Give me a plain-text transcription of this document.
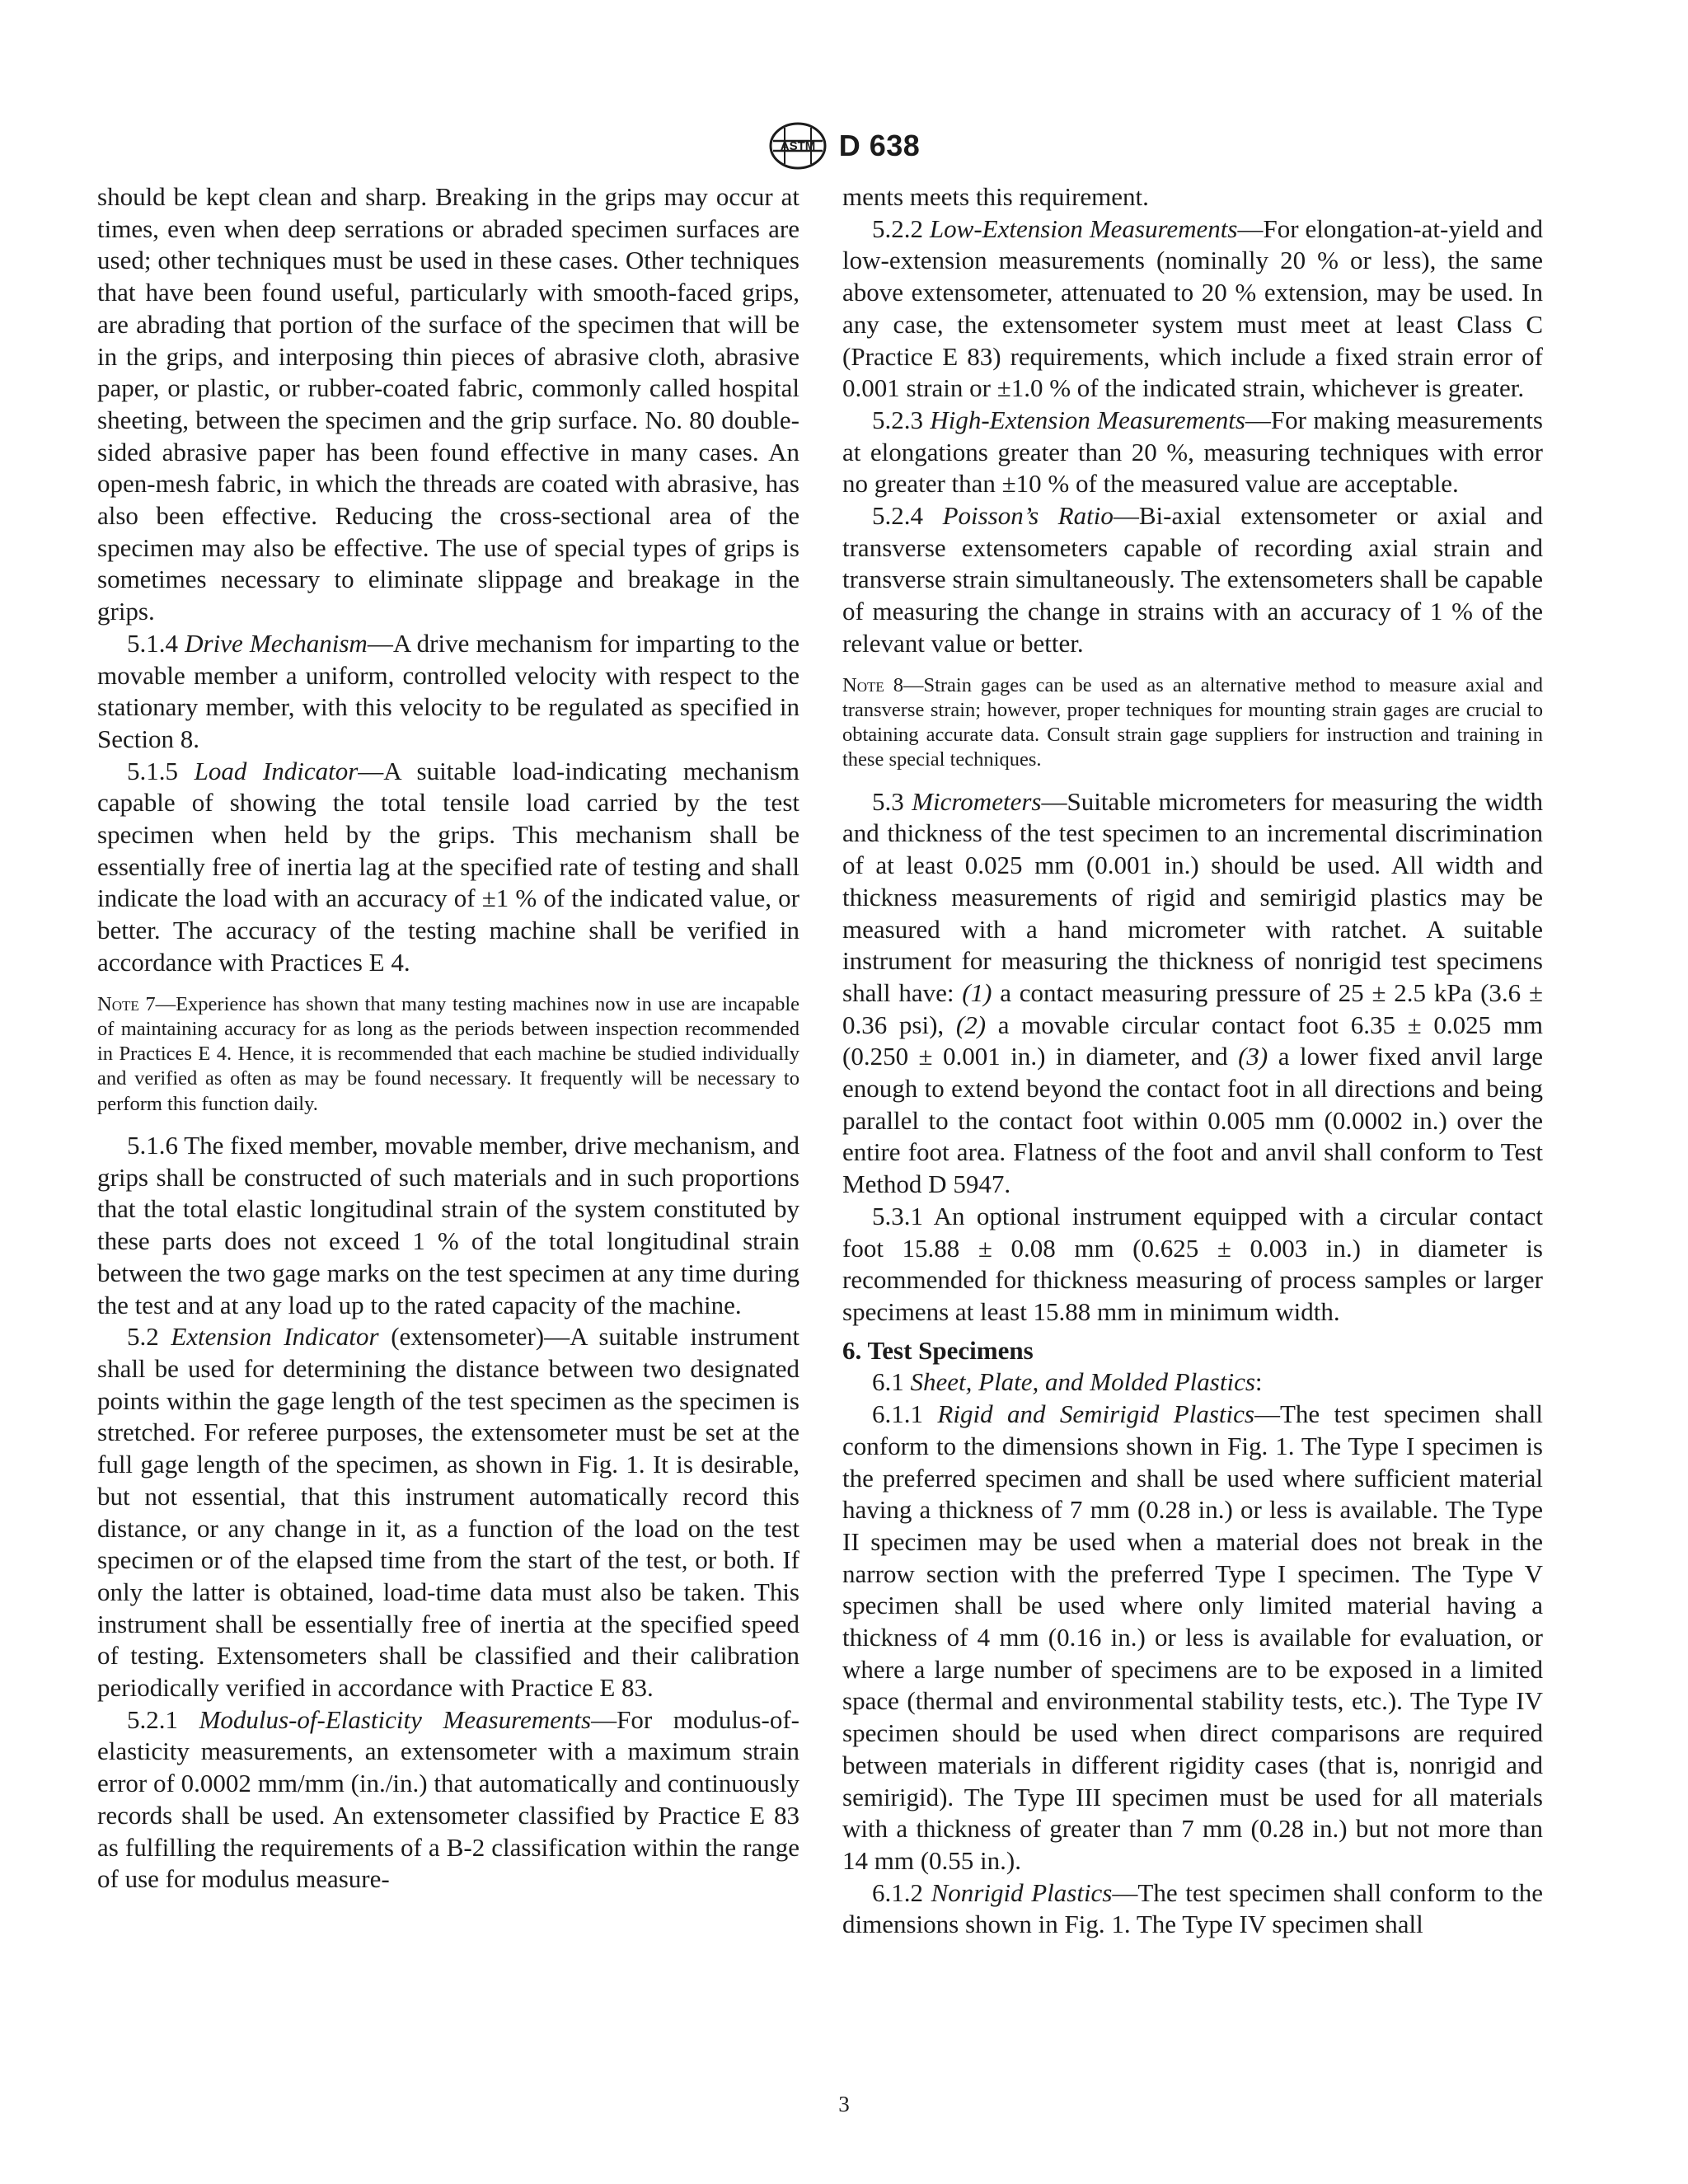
ASTM D 638

should be kept clean and sharp. Breaking in the grips may occur at times, even when deep serrations or abraded specimen surfaces are used; other techniques must be used in these cases. Other techniques that have been found useful, particularly with smooth-faced grips, are abrading that portion of the surface of the specimen that will be in the grips, and interposing thin pieces of abrasive cloth, abrasive paper, or plastic, or rubber-coated fabric, commonly called hospital sheeting, between the specimen and the grip surface. No. 80 double-sided abrasive paper has been found effective in many cases. An open-mesh fabric, in which the threads are coated with abrasive, has also been effective. Reducing the cross-sectional area of the specimen may also be effective. The use of special types of grips is sometimes necessary to eliminate slippage and breakage in the grips.

5.1.4 Drive Mechanism—A drive mechanism for imparting to the movable member a uniform, controlled velocity with respect to the stationary member, with this velocity to be regulated as specified in Section 8.

5.1.5 Load Indicator—A suitable load-indicating mechanism capable of showing the total tensile load carried by the test specimen when held by the grips. This mechanism shall be essentially free of inertia lag at the specified rate of testing and shall indicate the load with an accuracy of ±1 % of the indicated value, or better. The accuracy of the testing machine shall be verified in accordance with Practices E 4.

Note 7—Experience has shown that many testing machines now in use are incapable of maintaining accuracy for as long as the periods between inspection recommended in Practices E 4. Hence, it is recommended that each machine be studied individually and verified as often as may be found necessary. It frequently will be necessary to perform this function daily.

5.1.6 The fixed member, movable member, drive mechanism, and grips shall be constructed of such materials and in such proportions that the total elastic longitudinal strain of the system constituted by these parts does not exceed 1 % of the total longitudinal strain between the two gage marks on the test specimen at any time during the test and at any load up to the rated capacity of the machine.

5.2 Extension Indicator (extensometer)—A suitable instrument shall be used for determining the distance between two designated points within the gage length of the test specimen as the specimen is stretched. For referee purposes, the extensometer must be set at the full gage length of the specimen, as shown in Fig. 1. It is desirable, but not essential, that this instrument automatically record this distance, or any change in it, as a function of the load on the test specimen or of the elapsed time from the start of the test, or both. If only the latter is obtained, load-time data must also be taken. This instrument shall be essentially free of inertia at the specified speed of testing. Extensometers shall be classified and their calibration periodically verified in accordance with Practice E 83.

5.2.1 Modulus-of-Elasticity Measurements—For modulus-of-elasticity measurements, an extensometer with a maximum strain error of 0.0002 mm/mm (in./in.) that automatically and continuously records shall be used. An extensometer classified by Practice E 83 as fulfilling the requirements of a B-2 classification within the range of use for modulus measure-

ments meets this requirement.

5.2.2 Low-Extension Measurements—For elongation-at-yield and low-extension measurements (nominally 20 % or less), the same above extensometer, attenuated to 20 % extension, may be used. In any case, the extensometer system must meet at least Class C (Practice E 83) requirements, which include a fixed strain error of 0.001 strain or ±1.0 % of the indicated strain, whichever is greater.

5.2.3 High-Extension Measurements—For making measurements at elongations greater than 20 %, measuring techniques with error no greater than ±10 % of the measured value are acceptable.

5.2.4 Poisson’s Ratio—Bi-axial extensometer or axial and transverse extensometers capable of recording axial strain and transverse strain simultaneously. The extensometers shall be capable of measuring the change in strains with an accuracy of 1 % of the relevant value or better.

Note 8—Strain gages can be used as an alternative method to measure axial and transverse strain; however, proper techniques for mounting strain gages are crucial to obtaining accurate data. Consult strain gage suppliers for instruction and training in these special techniques.

5.3 Micrometers—Suitable micrometers for measuring the width and thickness of the test specimen to an incremental discrimination of at least 0.025 mm (0.001 in.) should be used. All width and thickness measurements of rigid and semirigid plastics may be measured with a hand micrometer with ratchet. A suitable instrument for measuring the thickness of nonrigid test specimens shall have: (1) a contact measuring pressure of 25 ± 2.5 kPa (3.6 ± 0.36 psi), (2) a movable circular contact foot 6.35 ± 0.025 mm (0.250 ± 0.001 in.) in diameter, and (3) a lower fixed anvil large enough to extend beyond the contact foot in all directions and being parallel to the contact foot within 0.005 mm (0.0002 in.) over the entire foot area. Flatness of the foot and anvil shall conform to Test Method D 5947.

5.3.1 An optional instrument equipped with a circular contact foot 15.88 ± 0.08 mm (0.625 ± 0.003 in.) in diameter is recommended for thickness measuring of process samples or larger specimens at least 15.88 mm in minimum width.

6. Test Specimens

6.1 Sheet, Plate, and Molded Plastics:

6.1.1 Rigid and Semirigid Plastics—The test specimen shall conform to the dimensions shown in Fig. 1. The Type I specimen is the preferred specimen and shall be used where sufficient material having a thickness of 7 mm (0.28 in.) or less is available. The Type II specimen may be used when a material does not break in the narrow section with the preferred Type I specimen. The Type V specimen shall be used where only limited material having a thickness of 4 mm (0.16 in.) or less is available for evaluation, or where a large number of specimens are to be exposed in a limited space (thermal and environmental stability tests, etc.). The Type IV specimen should be used when direct comparisons are required between materials in different rigidity cases (that is, nonrigid and semirigid). The Type III specimen must be used for all materials with a thickness of greater than 7 mm (0.28 in.) but not more than 14 mm (0.55 in.).

6.1.2 Nonrigid Plastics—The test specimen shall conform to the dimensions shown in Fig. 1. The Type IV specimen shall

3
